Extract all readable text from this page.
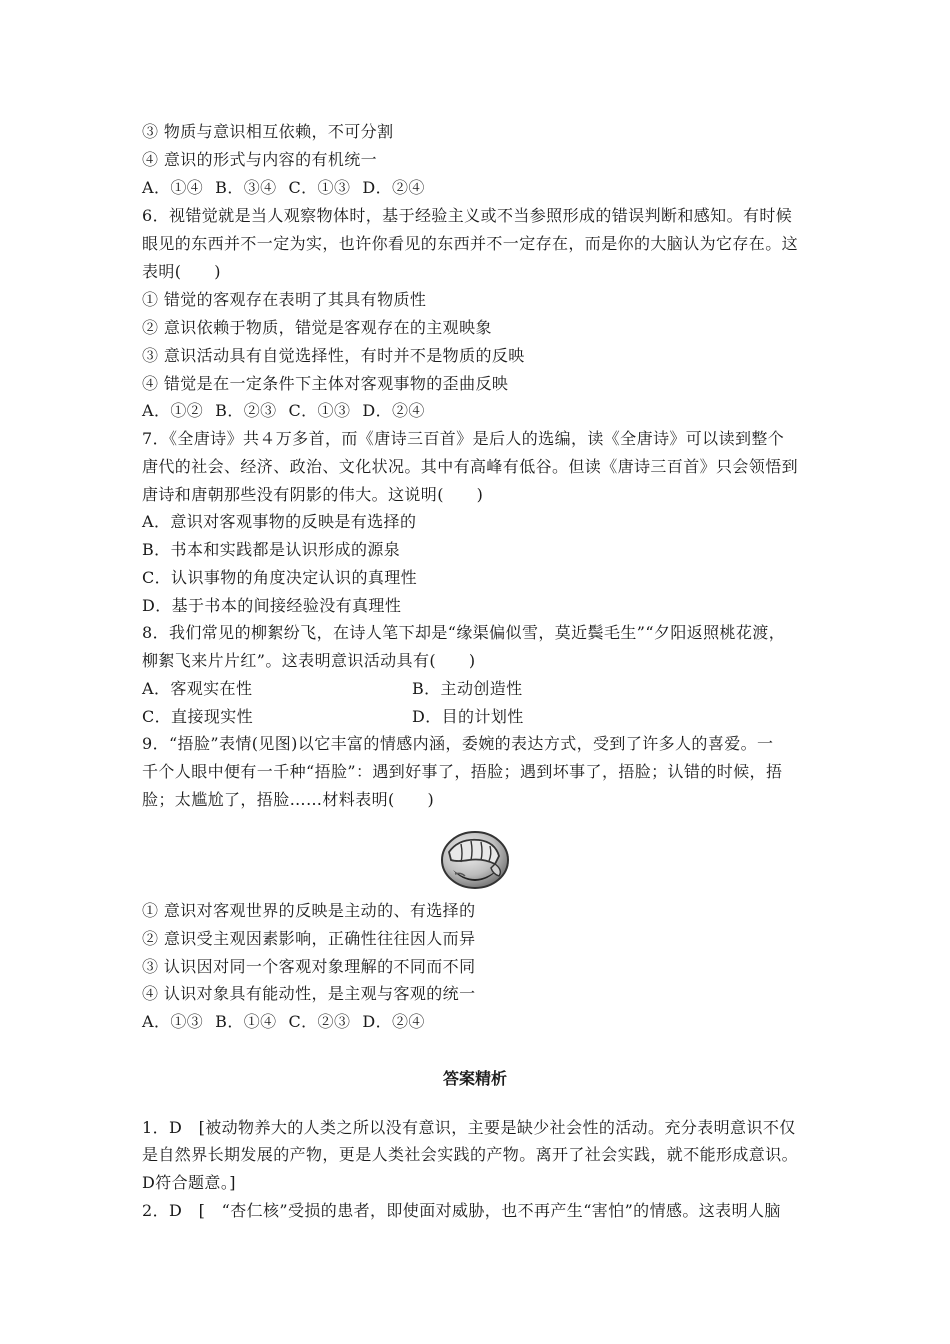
③ 物质与意识相互依赖，不可分割
④ 意识的形式与内容的有机统一
A．①④ B．③④ C．①③ D．②④
6．视错觉就是当人观察物体时，基于经验主义或不当参照形成的错误判断和感知。有时候
眼见的东西并不一定为实，也许你看见的东西并不一定存在，而是你的大脑认为它存在。这
表明(　　)
① 错觉的客观存在表明了其具有物质性
② 意识依赖于物质，错觉是客观存在的主观映象
③ 意识活动具有自觉选择性，有时并不是物质的反映
④ 错觉是在一定条件下主体对客观事物的歪曲反映
A．①② B．②③ C．①③ D．②④
7．《全唐诗》共４万多首，而《唐诗三百首》是后人的选编，读《全唐诗》可以读到整个
唐代的社会、经济、政治、文化状况。其中有高峰有低谷。但读《唐诗三百首》只会领悟到
唐诗和唐朝那些没有阴影的伟大。这说明(　　)
A．意识对客观事物的反映是有选择的
B．书本和实践都是认识形成的源泉
C．认识事物的角度决定认识的真理性
D．基于书本的间接经验没有真理性
8．我们常见的柳絮纷飞，在诗人笔下却是“缘渠偏似雪，莫近鬓毛生”“夕阳返照桃花渡，
柳絮飞来片片红”。这表明意识活动具有(　　)
A．客观实在性	B．主动创造性
C．直接现实性	D．目的计划性
9．“捂脸”表情(见图)以它丰富的情感内涵，委婉的表达方式，受到了许多人的喜爱。一
千个人眼中便有一千种“捂脸”：遇到好事了，捂脸；遇到坏事了，捂脸；认错的时候，捂
脸；太尴尬了，捂脸……材料表明(　　)
① 意识对客观世界的反映是主动的、有选择的
② 意识受主观因素影响，正确性往往因人而异
③ 认识因对同一个客观对象理解的不同而不同
④ 认识对象具有能动性，是主观与客观的统一
A．①③ B．①④ C．②③ D．②④
答案精析
1．D　[被动物养大的人类之所以没有意识，主要是缺少社会性的活动。充分表明意识不仅
是自然界长期发展的产物，更是人类社会实践的产物。离开了社会实践，就不能形成意识。
D符合题意。]
2．D　[　“杏仁核”受损的患者，即使面对威胁，也不再产生“害怕”的情感。这表明人脑
